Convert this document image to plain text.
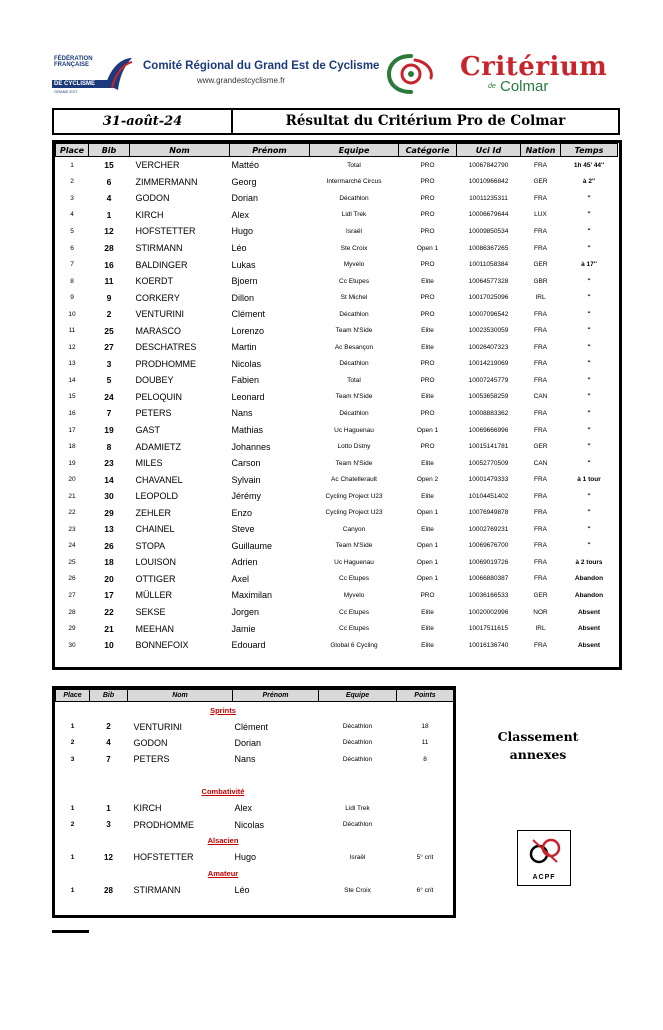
FÉDÉRATION
FRANÇAISE
DE CYCLISME
GRAND EST
Comité Régional du Grand Est de Cyclisme
www.grandestcyclisme.fr	Critérium
de Colmar
31-août-24	Résultat du Critérium Pro de Colmar
Place	Bib	Nom	Prénom	Equipe	Catégorie	Uci Id	Nation	Temps
1	15	VERCHER	Mattéo	Total	PRO	10067842790	FRA	1h 45' 44''
2	6	ZIMMERMANN	Georg	Intermarché Circus	PRO	10010966842	GER	à 2''
3	4	GODON	Dorian	Décathlon	PRO	10011235311	FRA	"
4	1	KIRCH	Alex	Lidl Trek	PRO	10006679644	LUX	"
5	12	HOFSTETTER	Hugo	Israël	PRO	10009850534	FRA	"
6	28	STIRMANN	Léo	Ste Croix	Open 1	10086367265	FRA	"
7	16	BALDINGER	Lukas	Myvelo	PRO	10011058384	GER	à 17''
8	11	KOERDT	Bjoern	Cc Etupes	Elite	10064577328	GBR	"
9	9	CORKERY	Dillon	St Michel	PRO	10017025096	IRL	"
10	2	VENTURINI	Clément	Décathlon	PRO	10007096542	FRA	"
11	25	MARASCO	Lorenzo	Team N'Side	Elite	10023530059	FRA	"
12	27	DESCHATRES	Martin	Ac Besançon	Elite	10026407323	FRA	"
13	3	PRODHOMME	Nicolas	Décathlon	PRO	10014219069	FRA	"
14	5	DOUBEY	Fabien	Total	PRO	10007245779	FRA	"
15	24	PELOQUIN	Leonard	Team N'Side	Elite	10053658259	CAN	"
16	7	PETERS	Nans	Décathlon	PRO	10008883362	FRA	"
17	19	GAST	Mathias	Uc Haguenau	Open 1	10069666996	FRA	"
18	8	ADAMIETZ	Johannes	Lotto Dstny	PRO	10015141781	GER	"
19	23	MILES	Carson	Team N'Side	Elite	10052770509	CAN	"
20	14	CHAVANEL	Sylvain	Ac Chatellerault	Open 2	10001479333	FRA	à 1 tour
21	30	LEOPOLD	Jérémy	Cycling Project U23	Elite	10104451402	FRA	"
22	29	ZEHLER	Enzo	Cycling Project U23	Open 1	10076949878	FRA	"
23	13	CHAINEL	Steve	Canyon	Elite	10002769231	FRA	"
24	26	STOPA	Guillaume	Team N'Side	Open 1	10069676700	FRA	"
25	18	LOUISON	Adrien	Uc Haguenau	Open 1	10069019726	FRA	à 2 tours
26	20	OTTIGER	Axel	Cc Etupes	Open 1	10066880387	FRA	Abandon
27	17	MÜLLER	Maximilan	Myvelo	PRO	10036166533	GER	Abandon
28	22	SEKSE	Jorgen	Cc Etupes	Elite	10020002996	NOR	Absent
29	21	MEEHAN	Jamie	Cc Etupes	Elite	10017511615	IRL	Absent
30	10	BONNEFOIX	Edouard	Global 6 Cycling	Elite	10016136740	FRA	Absent
Place	Bib	Nom	Prénom	Equipe	Points
		Sprints			
1	2	VENTURINI	Clément	Décathlon	18
2	4	GODON	Dorian	Décathlon	11
3	7	PETERS	Nans	Décathlon	8

		Combativité			
1	1	KIRCH	Alex	Lidl Trek	
2	3	PRODHOMME	Nicolas	Décathlon	
		Alsacien			
1	12	HOFSTETTER	Hugo	Israël	5° crit
		Amateur			
1	28	STIRMANN	Léo	Ste Croix	6° crit
Classement
annexes
ACPF
